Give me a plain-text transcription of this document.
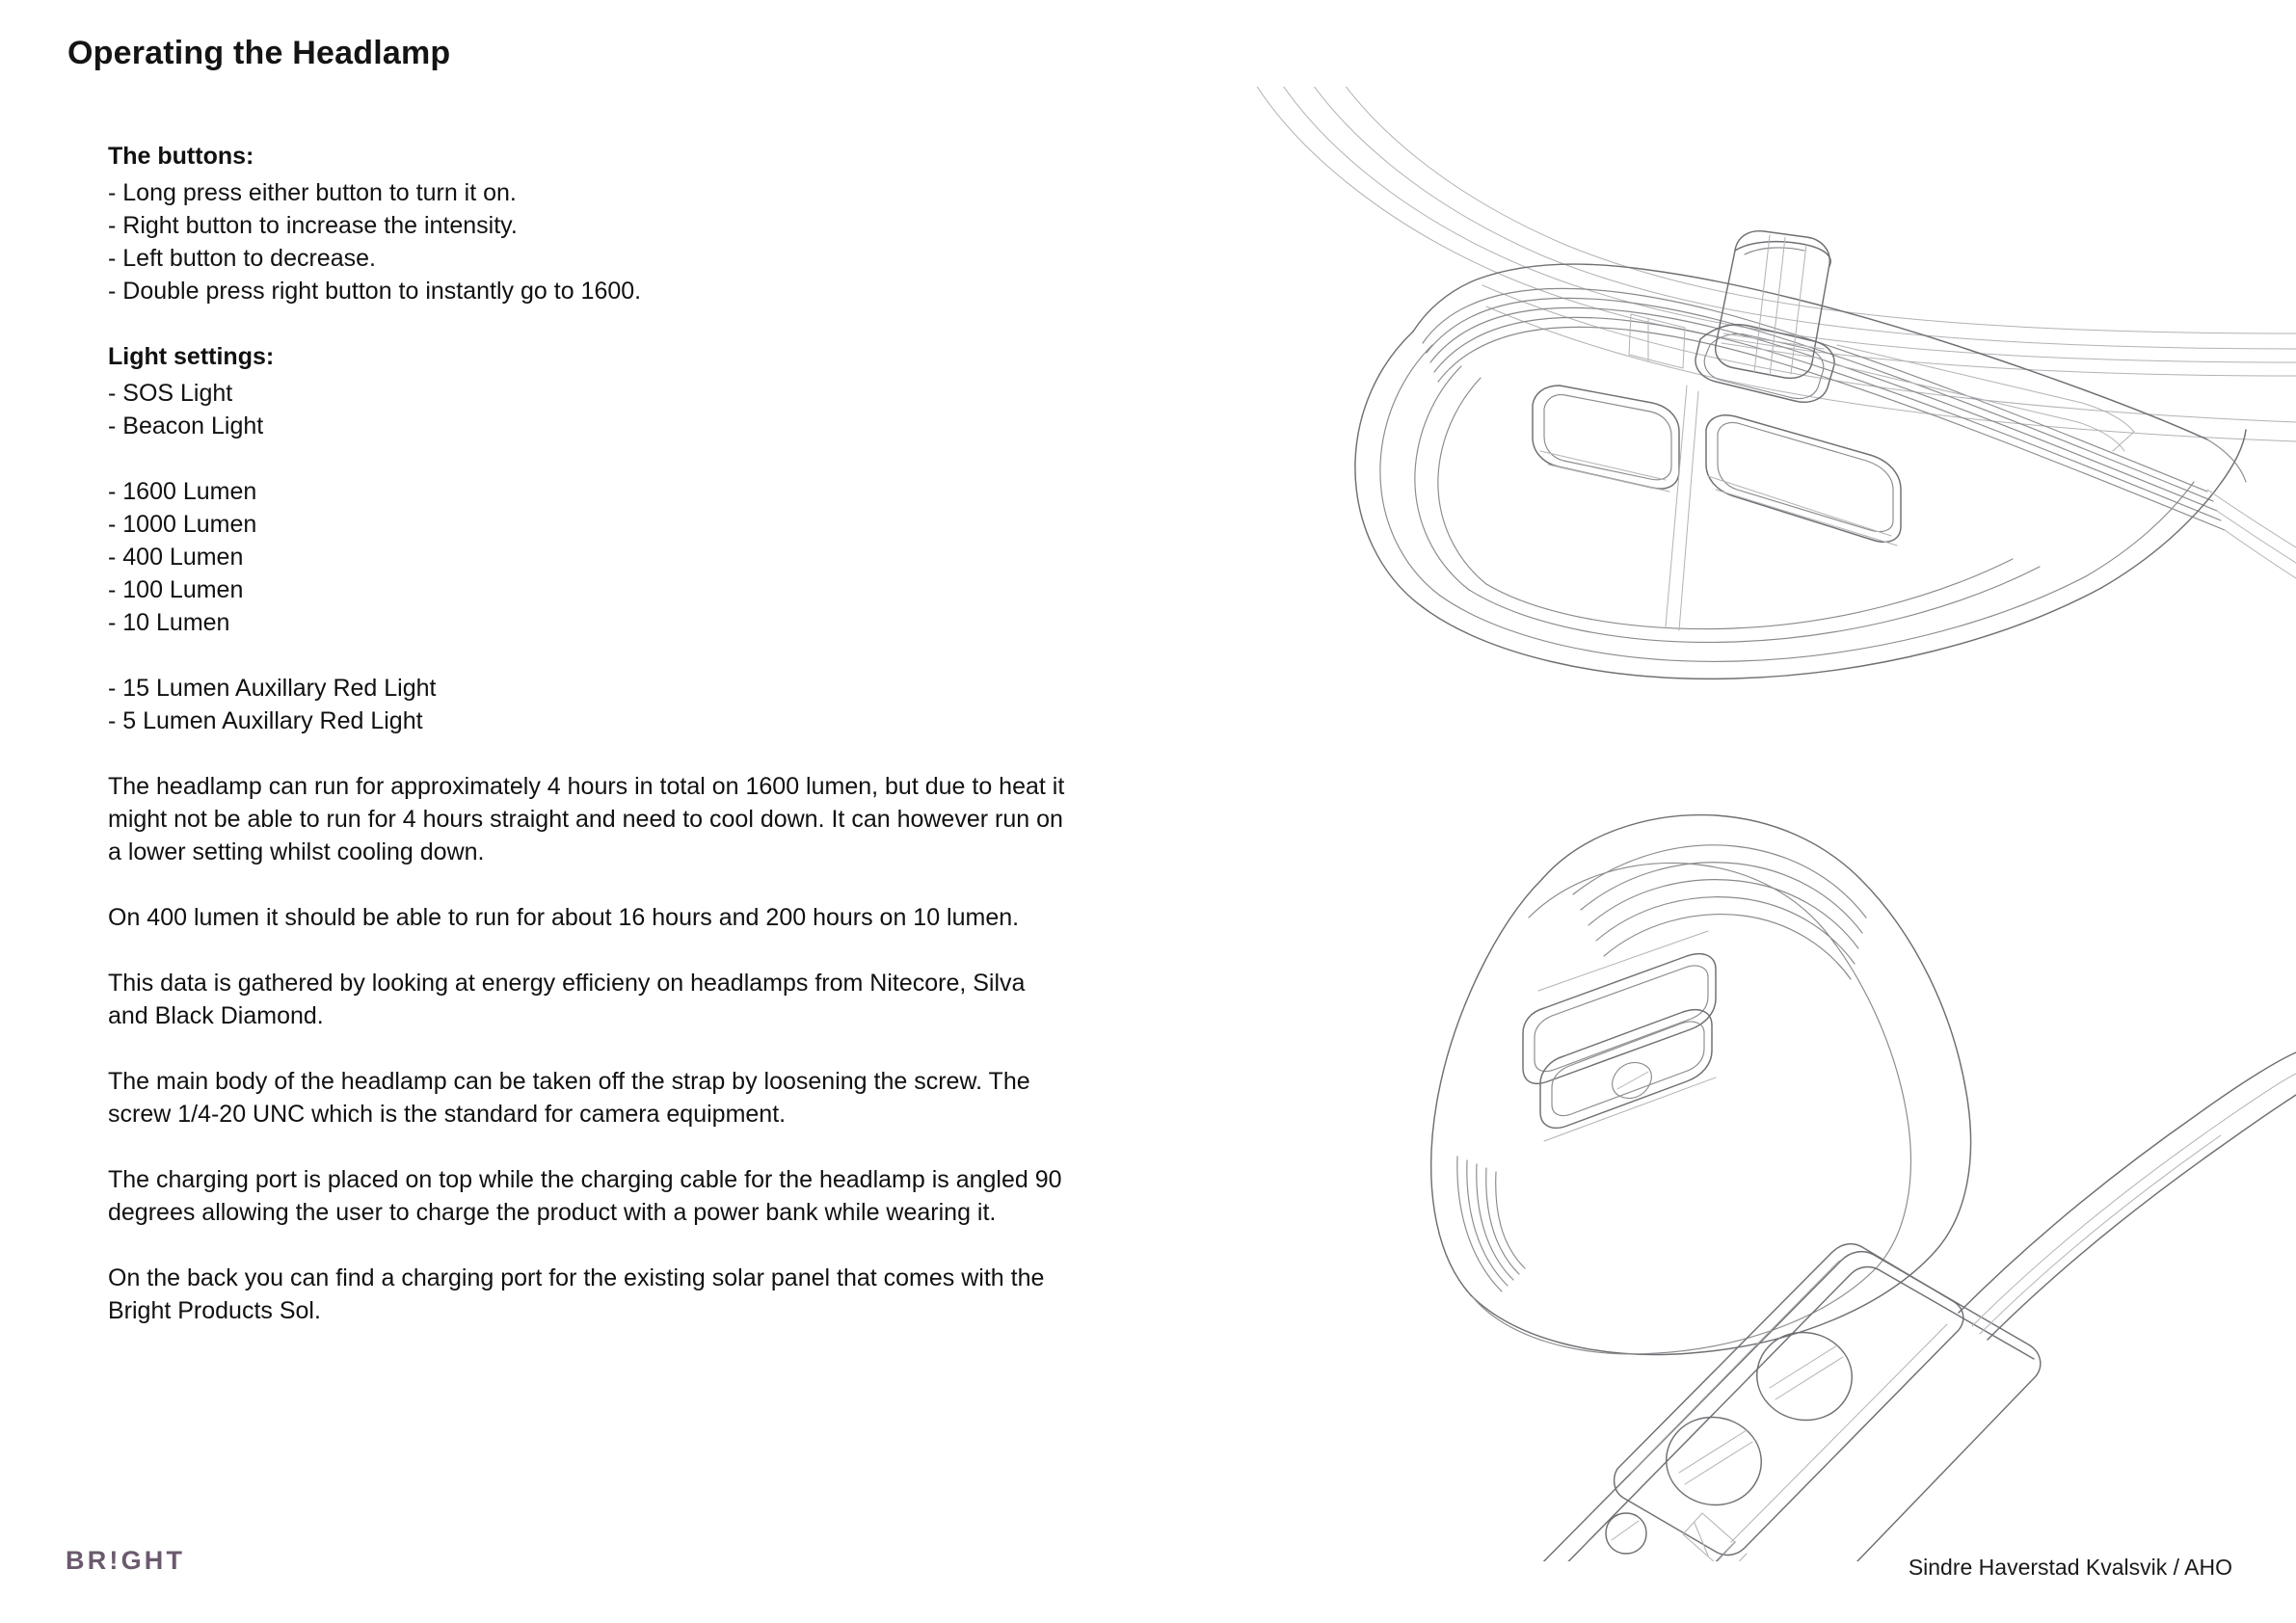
Operating the Headlamp
The buttons:
- Long press either button to turn it on.
- Right button to increase the intensity.
- Left button to decrease.
- Double press right button to instantly go to 1600.
Light settings:
- SOS Light
- Beacon Light
- 1600 Lumen
- 1000 Lumen
- 400 Lumen
- 100 Lumen
- 10 Lumen
- 15 Lumen Auxillary Red Light
- 5 Lumen Auxillary Red Light

The headlamp can run for approximately 4 hours in total on 1600 lumen, but due to heat it might not be able to run for 4 hours straight and need to cool down. It can however run on a lower setting whilst cooling down.

On 400 lumen it should be able to run for about 16 hours and 200 hours on 10 lumen.

This data is gathered by looking at energy efficieny on headlamps from Nitecore, Silva and Black Diamond.

The main body of the headlamp can be taken off the strap by loosening the screw. The screw 1/4-20 UNC which is the standard for camera equipment.

The charging port is placed on top while the charging cable for the headlamp is angled 90 degrees allowing the user to charge the product with a power bank while wearing it.

On the back you can find a charging port for the existing solar panel that comes with the Bright Products Sol.

BR!GHT	Sindre Haverstad Kvalsvik / AHO
